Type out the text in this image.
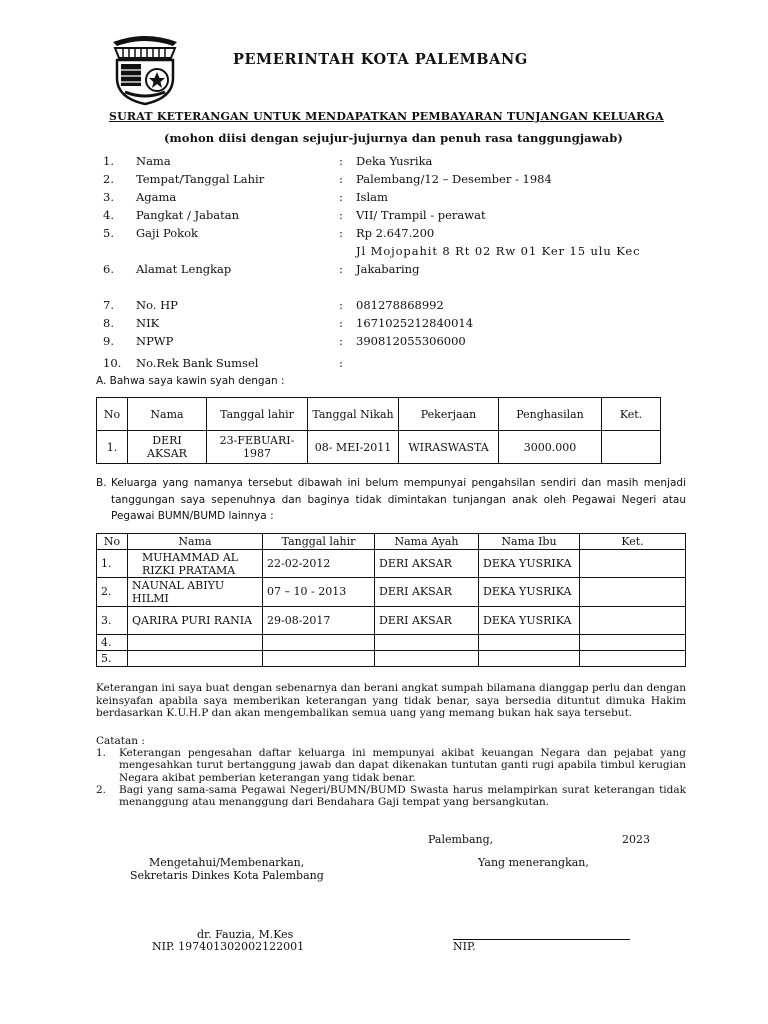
PEMERINTAH KOTA PALEMBANG
SURAT KETERANGAN UNTUK MENDAPATKAN PEMBAYARAN TUNJANGAN KELUARGA
(mohon diisi dengan sejujur-jujurnya dan penuh rasa tanggungjawab)
1. Nama	: Deka Yusrika
2. Tempat/Tanggal Lahir	: Palembang/12 – Desember - 1984
3. Agama	: Islam
4. Pangkat / Jabatan	: VII/ Trampil - perawat
5. Gaji Pokok	: Rp 2.647.200
Jl Mojopahit 8 Rt 02 Rw 01 Ker 15 ulu Kec
6. Alamat Lengkap	: Jakabaring
7. No. HP	: 081278868992
8. NIK	: 1671025212840014
9. NPWP	: 390812055306000
10. No.Rek Bank Sumsel	:
A. Bahwa saya kawin syah dengan :
No	Nama	Tanggal lahir	Tanggal Nikah	Pekerjaan	Penghasilan	Ket.
1.	DERI AKSAR	23-FEBUARI-1987	08- MEI-2011	WIRASWASTA	3000.000	
B. Keluarga yang namanya tersebut dibawah ini belum mempunyai pengahsilan sendiri dan masih menjadi tanggungan saya sepenuhnya dan baginya tidak dimintakan tunjangan anak oleh Pegawai Negeri atau Pegawai BUMN/BUMD lainnya :
No	Nama	Tanggal lahir	Nama Ayah	Nama Ibu	Ket.
1.	MUHAMMAD AL RIZKI PRATAMA	22-02-2012	DERI AKSAR	DEKA YUSRIKA	
2.	NAUNAL ABIYU HILMI	07 – 10 - 2013	DERI AKSAR	DEKA YUSRIKA	
3.	QARIRA PURI RANIA	29-08-2017	DERI AKSAR	DEKA YUSRIKA	
4.					
5.					
Keterangan ini saya buat dengan sebenarnya dan berani angkat sumpah bilamana dianggap perlu dan dengan keinsyafan apabila saya memberikan keterangan yang tidak benar, saya bersedia dituntut dimuka Hakim berdasarkan K.U.H.P dan akan mengembalikan semua uang yang memang bukan hak saya tersebut.
Catatan :
1. Keterangan pengesahan daftar keluarga ini mempunyai akibat keuangan Negara dan pejabat yang mengesahkan turut bertanggung jawab dan dapat dikenakan tuntutan ganti rugi apabila timbul kerugian Negara akibat pemberian keterangan yang tidak benar.
2. Bagi yang sama-sama Pegawai Negeri/BUMN/BUMD Swasta harus melampirkan surat keterangan tidak menanggung atau menanggung dari Bendahara Gaji tempat yang bersangkutan.
Palembang,	2023
Mengetahui/Membenarkan,	Yang menerangkan,
Sekretaris Dinkes Kota Palembang
dr. Fauzia, M.Kes
NIP. 197401302002122001	NIP.
